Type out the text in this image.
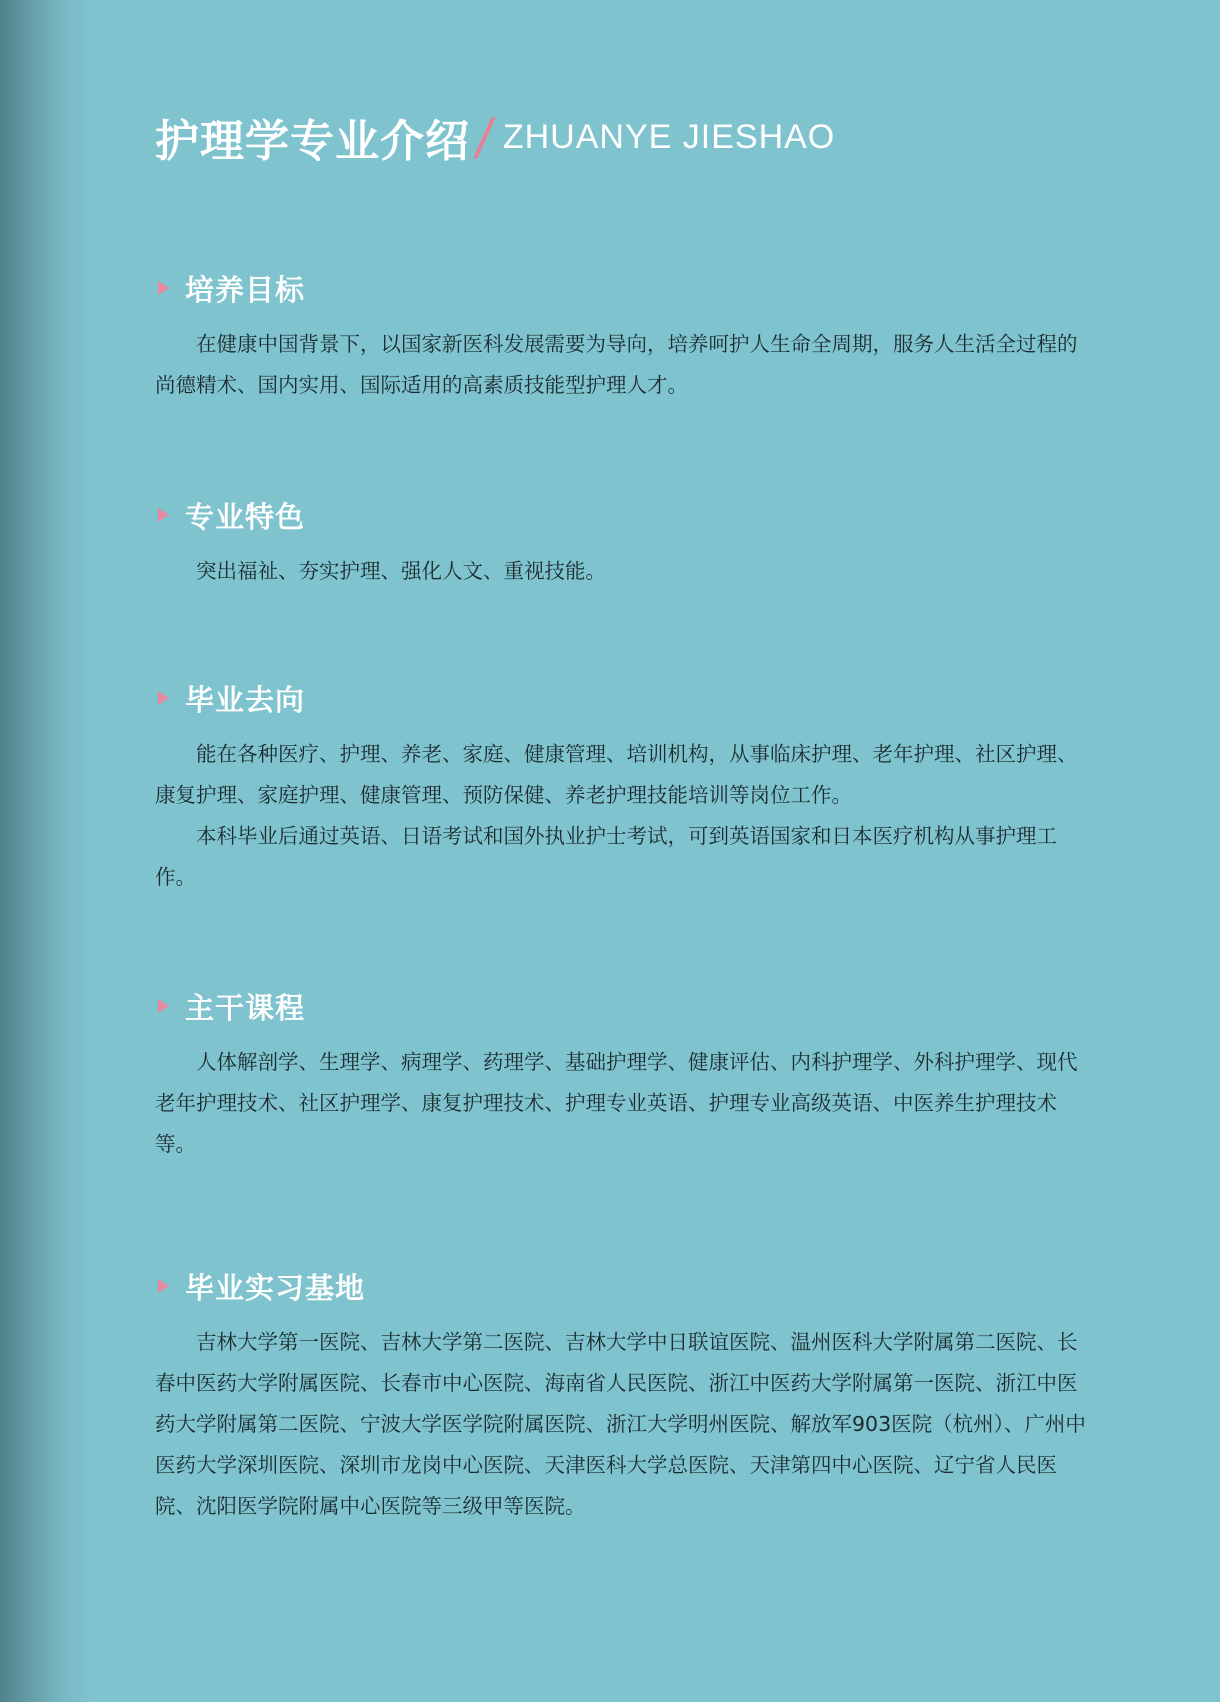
护理学专业介绍 / ZHUANYE JIESHAO
培养目标

在健康中国背景下，以国家新医科发展需要为导向，培养呵护人生命全周期，服务人生活全过程的尚德精术、国内实用、国际适用的高素质技能型护理人才。

专业特色

突出福祉、夯实护理、强化人文、重视技能。

毕业去向

能在各种医疗、护理、养老、家庭、健康管理、培训机构，从事临床护理、老年护理、社区护理、康复护理、家庭护理、健康管理、预防保健、养老护理技能培训等岗位工作。

本科毕业后通过英语、日语考试和国外执业护士考试，可到英语国家和日本医疗机构从事护理工作。

主干课程

人体解剖学、生理学、病理学、药理学、基础护理学、健康评估、内科护理学、外科护理学、现代老年护理技术、社区护理学、康复护理技术、护理专业英语、护理专业高级英语、中医养生护理技术等。

毕业实习基地

吉林大学第一医院、吉林大学第二医院、吉林大学中日联谊医院、温州医科大学附属第二医院、长春中医药大学附属医院、长春市中心医院、海南省人民医院、浙江中医药大学附属第一医院、浙江中医药大学附属第二医院、宁波大学医学院附属医院、浙江大学明州医院、解放军903医院（杭州）、广州中医药大学深圳医院、深圳市龙岗中心医院、天津医科大学总医院、天津第四中心医院、辽宁省人民医院、沈阳医学院附属中心医院等三级甲等医院。
